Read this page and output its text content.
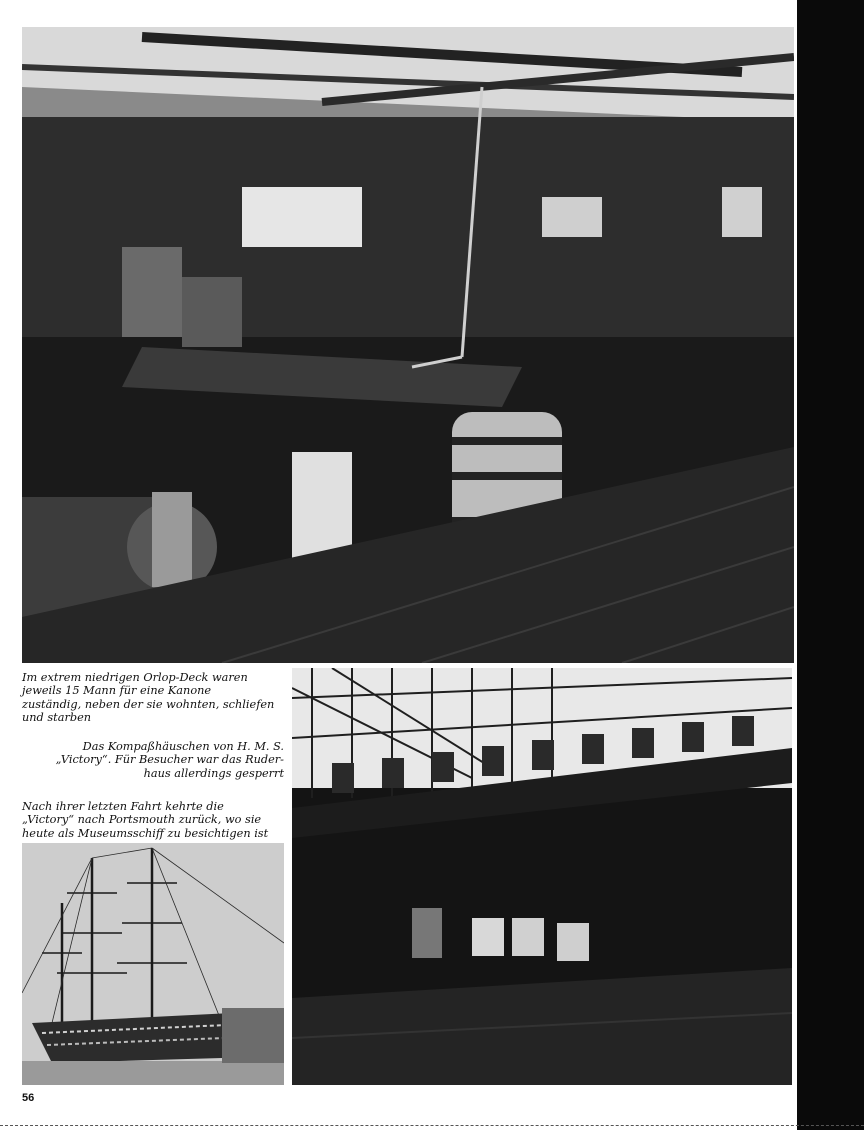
Im extrem niedrigen Orlop-Deck waren
jeweils 15 Mann für eine Kanone
zuständig, neben der sie wohnten, schliefen
und starben

Das Kompaßhäuschen von H. M. S.
„Victory“. Für Besucher war das Ruder-
haus allerdings gesperrt

Nach ihrer letzten Fahrt kehrte die
„Victory“ nach Portsmouth zurück, wo sie
heute als Museumsschiff zu besichtigen ist

56
